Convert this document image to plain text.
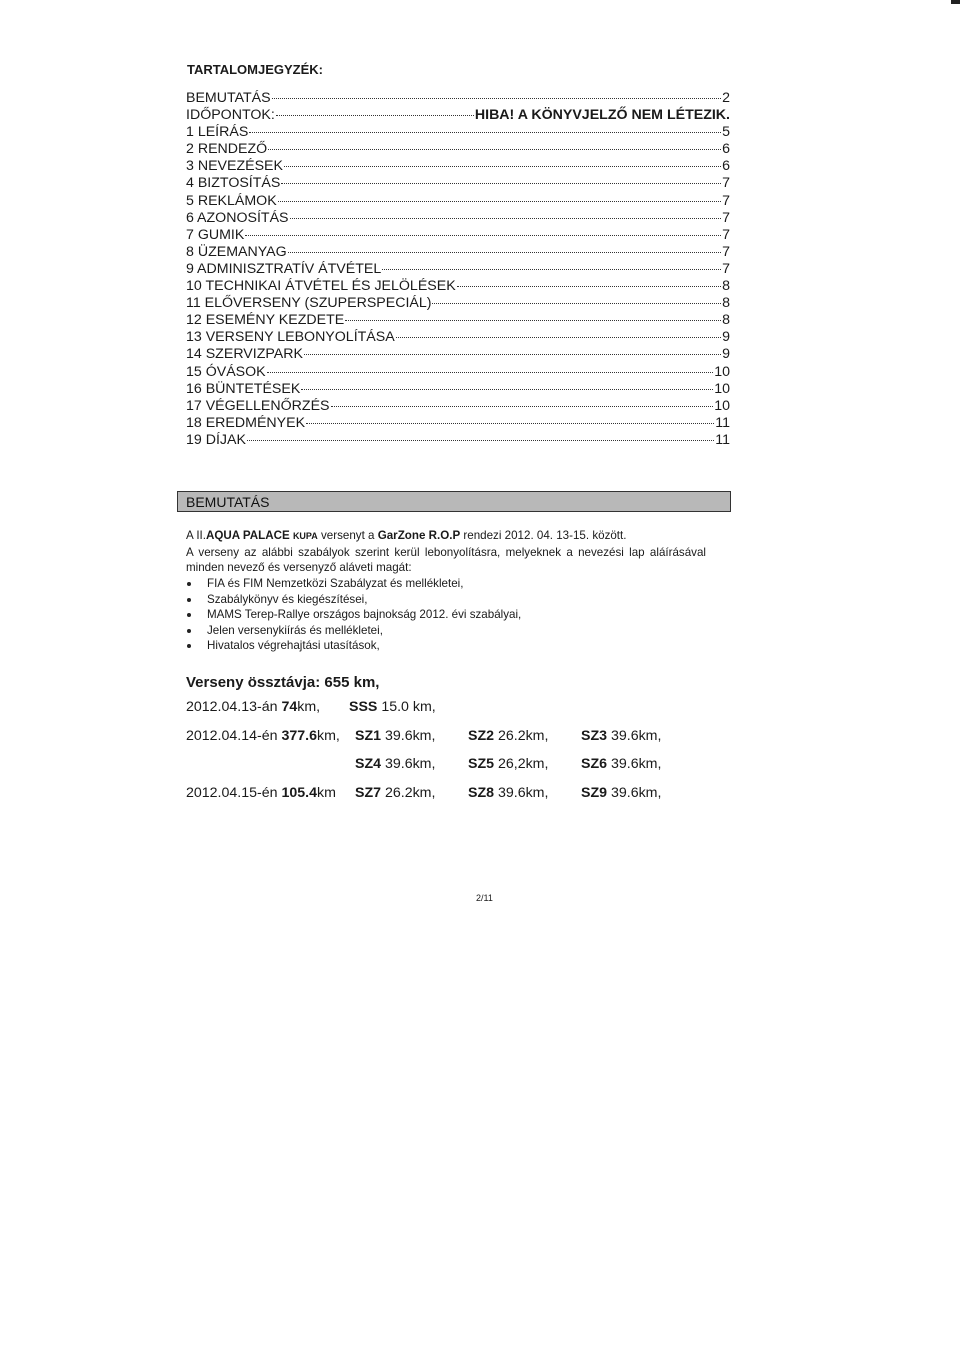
TARTALOMJEGYZÉK:
BEMUTATÁS	2
IDŐPONTOK:	HIBA! A KÖNYVJELZŐ NEM LÉTEZIK.
1 LEÍRÁS	5
2 RENDEZŐ	6
3 NEVEZÉSEK	6
4 BIZTOSÍTÁS	7
5 REKLÁMOK	7
6 AZONOSÍTÁS	7
7 GUMIK	7
8 ÜZEMANYAG	7
9 ADMINISZTRATÍV ÁTVÉTEL	7
10 TECHNIKAI ÁTVÉTEL ÉS JELÖLÉSEK	8
11 ELŐVERSENY (SZUPERSPECIÁL)	8
12 ESEMÉNY KEZDETE	8
13 VERSENY LEBONYOLÍTÁSA	9
14 SZERVIZPARK	9
15 ÓVÁSOK	10
16 BÜNTETÉSEK	10
17 VÉGELLENŐRZÉS	10
18 EREDMÉNYEK	11
19 DÍJAK	11
BEMUTATÁS
A II.AQUA PALACE KUPA versenyt a GarZone R.O.P rendezi 2012. 04. 13-15. között.
A verseny az alábbi szabályok szerint kerül lebonyolításra, melyeknek a nevezési lap aláírásával minden nevező és versenyző aláveti magát:
FIA és FIM Nemzetközi Szabályzat és mellékletei,
Szabálykönyv és kiegészítései,
MAMS Terep-Rallye országos bajnokság 2012. évi szabályai,
Jelen versenykiírás és mellékletei,
Hivatalos végrehajtási utasítások,
Verseny össztávja: 655 km,
2012.04.13-án 74km, SSS 15.0 km,
2012.04.14-én 377.6km, SZ1 39.6km, SZ2 26.2km, SZ3 39.6km,
SZ4 39.6km, SZ5 26,2km, SZ6 39.6km,
2012.04.15-én 105.4km SZ7 26.2km, SZ8 39.6km, SZ9 39.6km,
2/11
